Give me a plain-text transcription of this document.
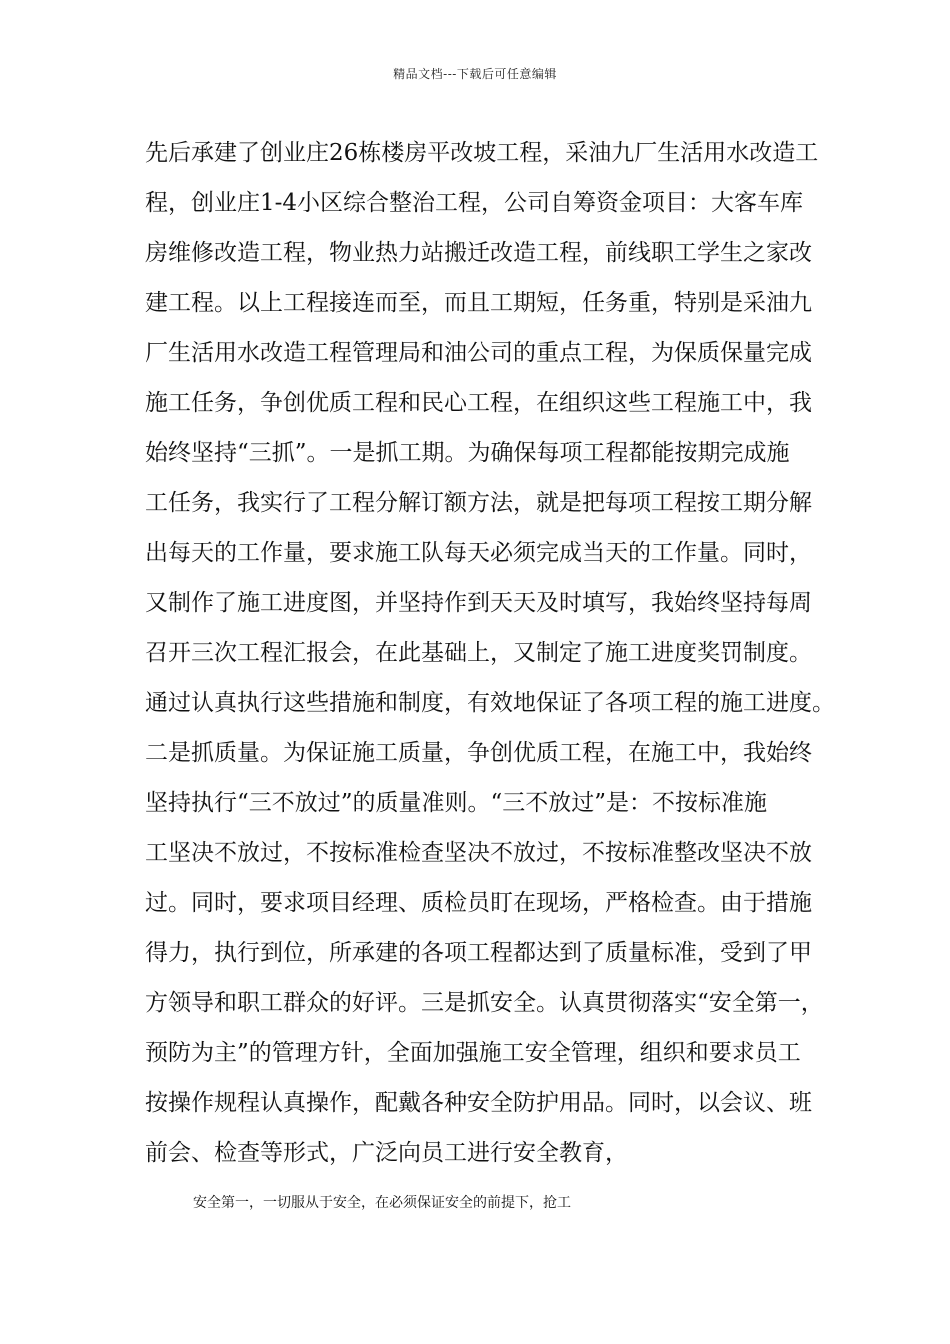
精品文档---下载后可任意编辑
先后承建了创业庄26栋楼房平改坡工程，采油九厂生活用水改造工
程，创业庄1-4小区综合整治工程，公司自筹资金项目：大客车库
房维修改造工程，物业热力站搬迁改造工程，前线职工学生之家改
建工程。以上工程接连而至，而且工期短，任务重，特别是采油九
厂生活用水改造工程管理局和油公司的重点工程，为保质保量完成
施工任务，争创优质工程和民心工程，在组织这些工程施工中，我
始终坚持“三抓”。一是抓工期。为确保每项工程都能按期完成施
工任务，我实行了工程分解订额方法，就是把每项工程按工期分解
出每天的工作量，要求施工队每天必须完成当天的工作量。同时，
又制作了施工进度图，并坚持作到天天及时填写，我始终坚持每周
召开三次工程汇报会，在此基础上，又制定了施工进度奖罚制度。
通过认真执行这些措施和制度，有效地保证了各项工程的施工进度。
二是抓质量。为保证施工质量，争创优质工程，在施工中，我始终
坚持执行“三不放过”的质量准则。“三不放过”是：不按标准施
工坚决不放过，不按标准检查坚决不放过，不按标准整改坚决不放
过。同时，要求项目经理、质检员盯在现场，严格检查。由于措施
得力，执行到位，所承建的各项工程都达到了质量标准，受到了甲
方领导和职工群众的好评。三是抓安全。认真贯彻落实“安全第一，
预防为主”的管理方针，全面加强施工安全管理，组织和要求员工
按操作规程认真操作，配戴各种安全防护用品。同时，以会议、班
前会、检查等形式，广泛向员工进行安全教育，
安全第一，一切服从于安全，在必须保证安全的前提下，抢工
